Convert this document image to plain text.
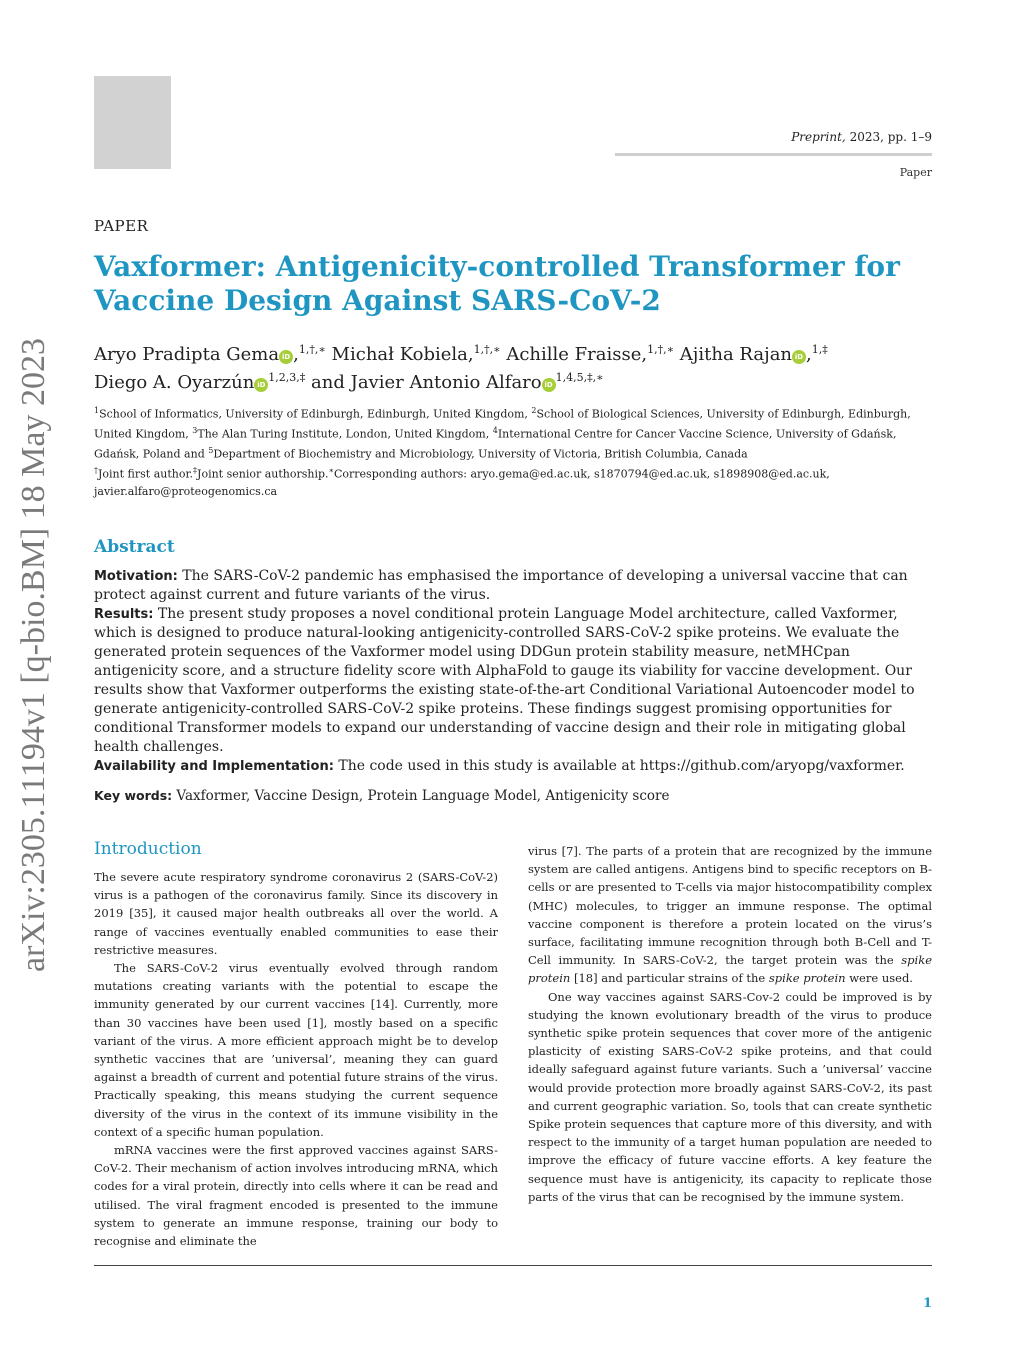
Preprint, 2023, pp. 1–9
Paper
arXiv:2305.11194v1 [q-bio.BM] 18 May 2023
PAPER
Vaxformer: Antigenicity-controlled Transformer for Vaccine Design Against SARS-CoV-2
Aryo Pradipta Gema iD ,$^{1,\dagger,∗}$ Michał Kobiela,$^{1,\dagger,∗}$ Achille Fraisse,$^{1,\dagger,∗}$ Ajitha Rajan iD ,$^{1,\ddagger}$
Diego A. Oyarzún $iD^{1,2,3,\ddagger}$ and Javier Antonio Alfaro $iD^{1,4,5,\ddagger,∗}$

$^1$School of Informatics, University of Edinburgh, Edinburgh, United Kingdom, $^2$School of Biological Sciences, University of Edinburgh, Edinburgh, United Kingdom, $^3$The Alan Turing Institute, London, United Kingdom, $^4$International Centre for Cancer Vaccine Science, University of Gdańsk, Gdańsk, Poland and $^5$Department of Biochemistry and Microbiology, University of Victoria, British Columbia, Canada

†Joint first author.‡Joint senior authorship.∗Corresponding authors: aryo.gema@ed.ac.uk, s1870794@ed.ac.uk, s1898908@ed.ac.uk, javier.alfaro@proteogenomics.ca

Abstract

Motivation: The SARS-CoV-2 pandemic has emphasised the importance of developing a universal vaccine that can protect against current and future variants of the virus.

Results: The present study proposes a novel conditional protein Language Model architecture, called Vaxformer, which is designed to produce natural-looking antigenicity-controlled SARS-CoV-2 spike proteins. We evaluate the generated protein sequences of the Vaxformer model using DDGun protein stability measure, netMHCpan antigenicity score, and a structure fidelity score with AlphaFold to gauge its viability for vaccine development. Our results show that Vaxformer outperforms the existing state-of-the-art Conditional Variational Autoencoder model to generate antigenicity-controlled SARS-CoV-2 spike proteins. These findings suggest promising opportunities for conditional Transformer models to expand our understanding of vaccine design and their role in mitigating global health challenges.

Availability and Implementation: The code used in this study is available at https://github.com/aryopg/vaxformer.

Key words: Vaxformer, Vaccine Design, Protein Language Model, Antigenicity score
Introduction

The severe acute respiratory syndrome coronavirus 2 (SARS-CoV-2) virus is a pathogen of the coronavirus family. Since its discovery in 2019 [35], it caused major health outbreaks all over the world. A range of vaccines eventually enabled communities to ease their restrictive measures.

The SARS-CoV-2 virus eventually evolved through random mutations creating variants with the potential to escape the immunity generated by our current vaccines [14]. Currently, more than 30 vaccines have been used [1], mostly based on a specific variant of the virus. A more efficient approach might be to develop synthetic vaccines that are ’universal’, meaning they can guard against a breadth of current and potential future strains of the virus. Practically speaking, this means studying the current sequence diversity of the virus in the context of its immune visibility in the context of a specific human population.

mRNA vaccines were the first approved vaccines against SARS-CoV-2. Their mechanism of action involves introducing mRNA, which codes for a viral protein, directly into cells where it can be read and utilised. The viral fragment encoded is presented to the immune system to generate an immune response, training our body to recognise and eliminate the

virus [7]. The parts of a protein that are recognized by the immune system are called antigens. Antigens bind to specific receptors on B-cells or are presented to T-cells via major histocompatibility complex (MHC) molecules, to trigger an immune response. The optimal vaccine component is therefore a protein located on the virus’s surface, facilitating immune recognition through both B-Cell and T-Cell immunity. In SARS-CoV-2, the target protein was the spike protein [18] and particular strains of the spike protein were used.

One way vaccines against SARS-Cov-2 could be improved is by studying the known evolutionary breadth of the virus to produce synthetic spike protein sequences that cover more of the antigenic plasticity of existing SARS-CoV-2 spike proteins, and that could ideally safeguard against future variants. Such a ’universal’ vaccine would provide protection more broadly against SARS-CoV-2, its past and current geographic variation. So, tools that can create synthetic Spike protein sequences that capture more of this diversity, and with respect to the immunity of a target human population are needed to improve the efficacy of future vaccine efforts. A key feature the sequence must have is antigenicity, its capacity to replicate those parts of the virus that can be recognised by the immune system.

1
